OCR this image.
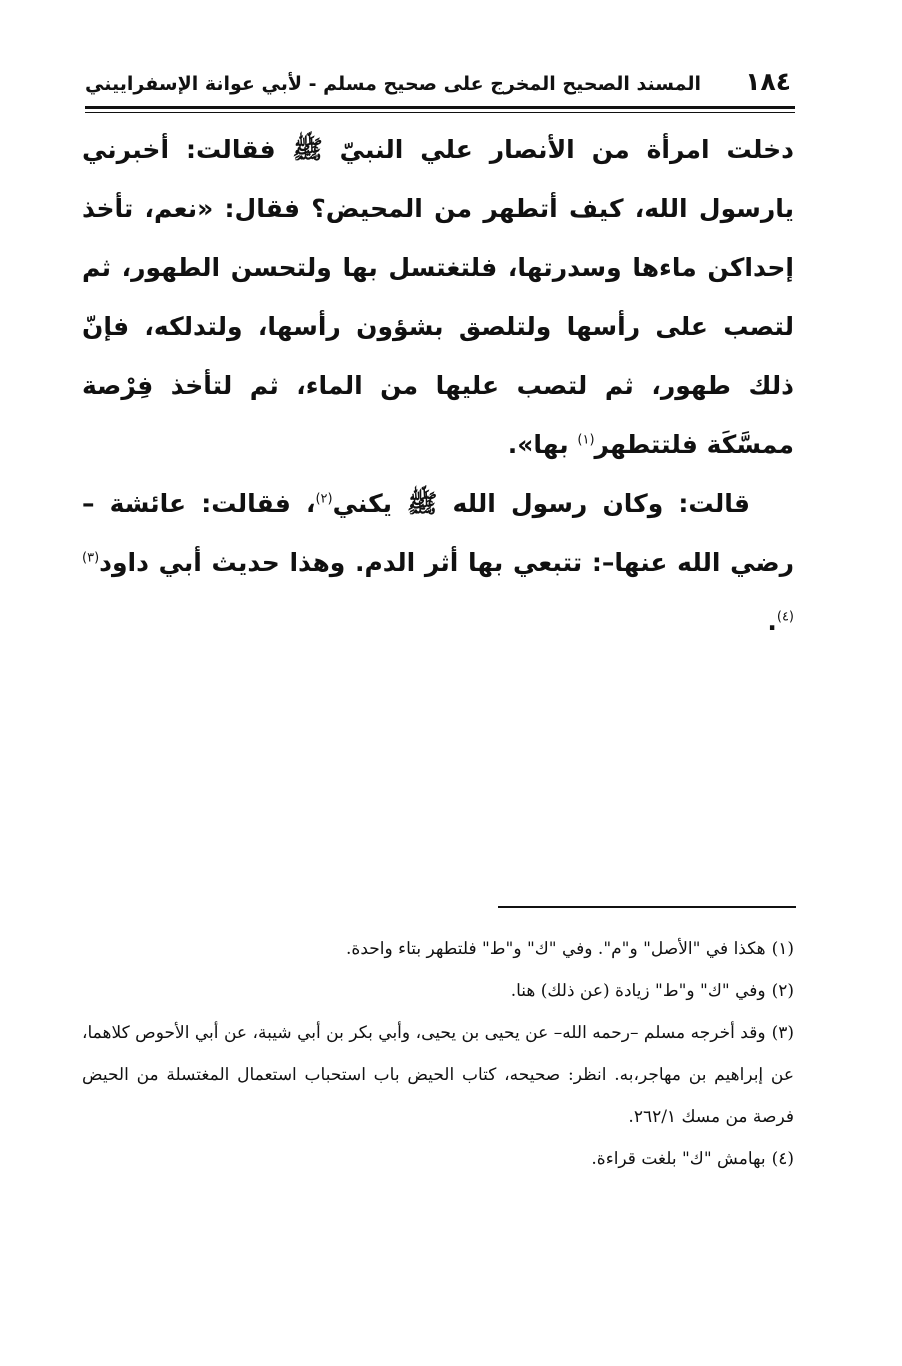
١٨٤
المسند الصحيح المخرج على صحيح مسلم - لأبي عوانة الإسفراييني

دخلت امرأة من الأنصار علي النبيّ ﷺ فقالت: أخبرني يارسول الله، كيف أتطهر من المحيض؟ فقال: «نعم، تأخذ إحداكن ماءها وسدرتها، فلتغتسل بها ولتحسن الطهور، ثم لتصب على رأسها ولتلصق بشؤون رأسها، ولتدلكه، فإنّ ذلك طهور، ثم لتصب عليها من الماء، ثم لتأخذ فِرْصة ممسَّكَة فلتتطهر$^{(١)}$ بها».

قالت: وكان رسول الله ﷺ يكني$^{(٢)}$، فقالت: عائشة –رضي الله عنها–: تتبعي بها أثر الدم. وهذا حديث أبي داود$^{(٣)(٤)}$.

(١)هكذا في "الأصل" و"م". وفي "ك" و"ط" فلتطهر بتاء واحدة.

(٢)وفي "ك" و"ط" زيادة (عن ذلك) هنا.

(٣)وقد أخرجه مسلم –رحمه الله– عن يحيى بن يحيى، وأبي بكر بن أبي شيبة، عن أبي الأحوص كلاهما، عن إبراهيم بن مهاجر،به. انظر: صحيحه، كتاب الحيض باب استحباب استعمال المغتسلة من الحيض فرصة من مسك ٢٦٢/١.

(٤)بهامش "ك" بلغت قراءة.
